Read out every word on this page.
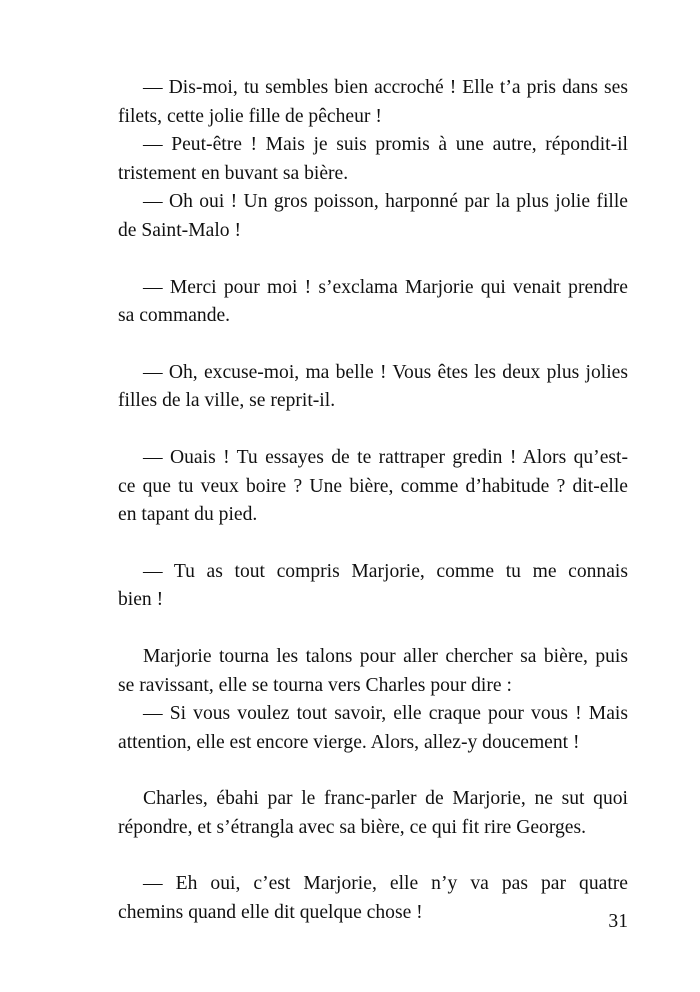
— Dis-moi, tu sembles bien accroché ! Elle t’a pris dans ses
filets, cette jolie fille de pêcheur !
— Peut-être ! Mais je suis promis à une autre, répondit-il
tristement en buvant sa bière.
— Oh oui ! Un gros poisson, harponné par la plus jolie fille
de Saint-Malo !
— Merci pour moi ! s’exclama Marjorie qui venait prendre
sa commande.
— Oh, excuse-moi, ma belle ! Vous êtes les deux plus jolies
filles de la ville, se reprit-il.
— Ouais ! Tu essayes de te rattraper gredin ! Alors qu’est-
ce que tu veux boire ? Une bière, comme d’habitude ? dit-elle
en tapant du pied.
— Tu as tout compris Marjorie, comme tu me connais
bien !
Marjorie tourna les talons pour aller chercher sa bière, puis
se ravissant, elle se tourna vers Charles pour dire :
— Si vous voulez tout savoir, elle craque pour vous ! Mais
attention, elle est encore vierge. Alors, allez-y doucement !
Charles, ébahi par le franc-parler de Marjorie, ne sut quoi
répondre, et s’étrangla avec sa bière, ce qui fit rire Georges.
— Eh oui, c’est Marjorie, elle n’y va pas par quatre
chemins quand elle dit quelque chose !	31
